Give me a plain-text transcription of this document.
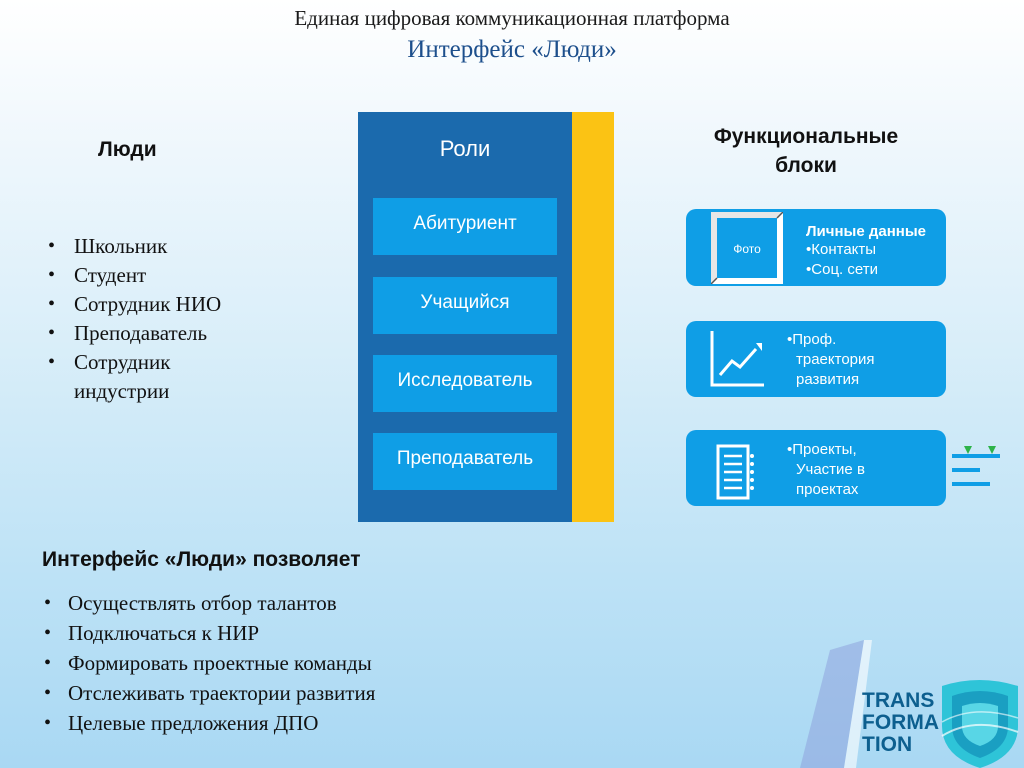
Единая цифровая коммуникационная платформа
Интерфейс «Люди»
Люди
• Школьник
• Студент
• Сотрудник НИО
• Преподаватель
• Сотрудник
индустрии
Роли
Абитуриент
Учащийся
Исследователь
Преподаватель
Функциональные
блоки
Фото
Личные данные
•Контакты
•Соц. сети
•Проф.
траектория
развития
•Проекты,
Участие в
проектах
Интерфейс «Люди» позволяет
• Осуществлять отбор талантов
• Подключаться к НИР
• Формировать проектные команды
• Отслеживать траектории развития
• Целевые предложения ДПО
TRANS
FORMA
TION
